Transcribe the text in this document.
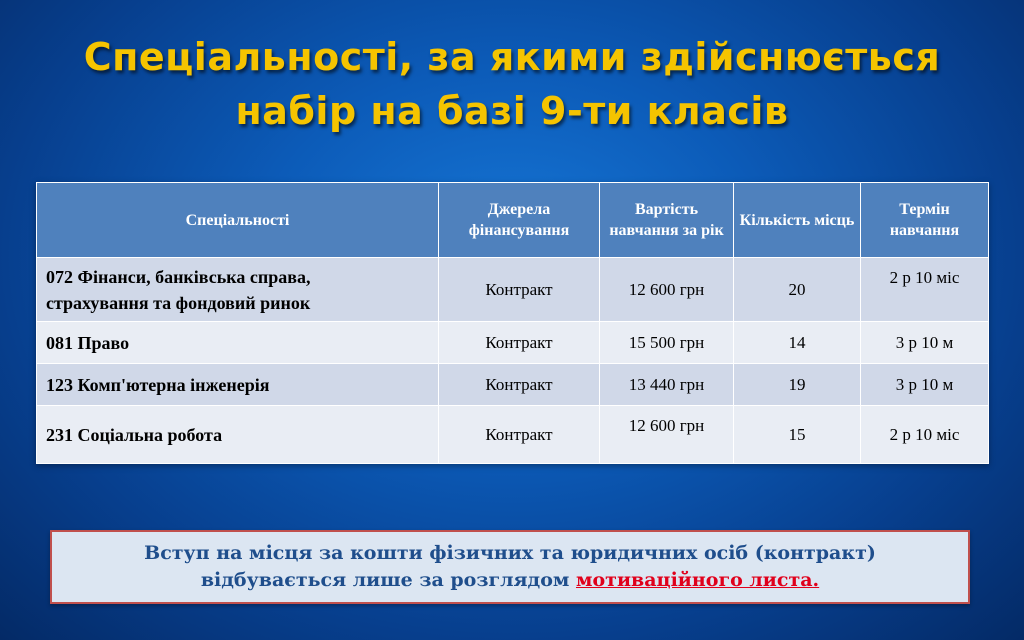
Спеціальності, за якими здійснюється
набір на базі 9-ти класів
Спеціальності	Джерела фінансування	Вартість навчання за рік	Кількість місць	Термін навчання
072 Фінанси, банківська справа,
страхування та фондовий ринок	Контракт	12 600 грн	20	2 р 10 міс
081 Право	Контракт	15 500 грн	14	3 р 10 м
123 Комп'ютерна інженерія	Контракт	13 440 грн	19	3 р 10 м
231 Соціальна робота	Контракт	12 600 грн	15	2 р 10 міс
Вступ на місця за кошти фізичних та юридичних осіб (контракт)
відбувається лише за розглядом мотиваційного листа.
